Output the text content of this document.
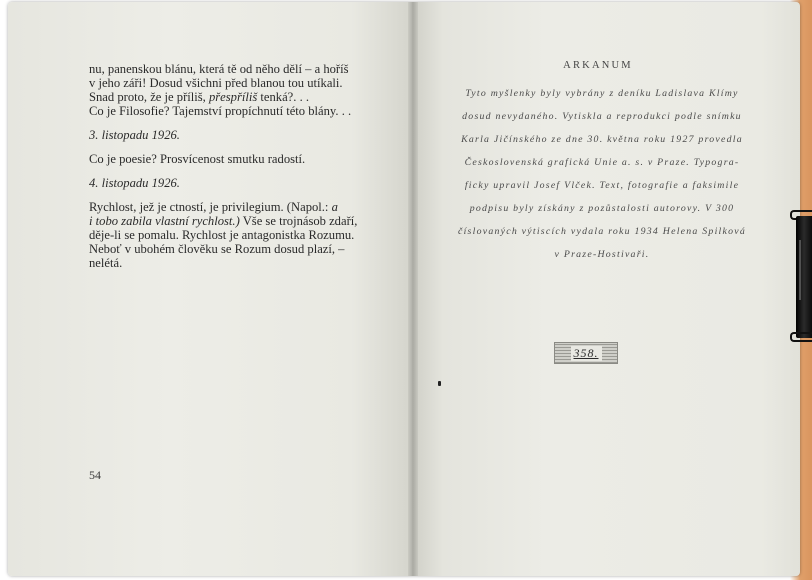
nu, panenskou blánu, která tě od něho dělí – a hoříš
v jeho záři! Dosud všichni před blanou tou utíkali.
Snad proto, že je příliš, přespříliš tenká?. . .
Co je Filosofie? Tajemství propíchnutí této blány. . .

3. listopadu 1926.

Co je poesie? Prosvícenost smutku radostí.

4. listopadu 1926.

Rychlost, jež je ctností, je privilegium. (Napol.: a
i tobo zabila vlastní rychlost.) Vše se trojnásob zdaří,
děje-li se pomalu. Rychlost je antagonistka Rozumu.
Neboť v ubohém člověku se Rozum dosud plazí, –
nelétá.

54
ARKANUM
Tyto myšlenky byly vybrány z deníku Ladislava Klímy
dosud nevydaného. Vytiskla a reprodukci podle snímku
Karla Jičínského ze dne 30. května roku 1927 provedla
Československá grafická Unie a. s. v Praze. Typogra-
ficky upravil Josef Vlček. Text, fotografie a faksimile
podpisu byly získány z pozůstalosti autorovy. V 300
číslovaných výtiscích vydala roku 1934 Helena Spilková
v Praze-Hostivaři.
358.
